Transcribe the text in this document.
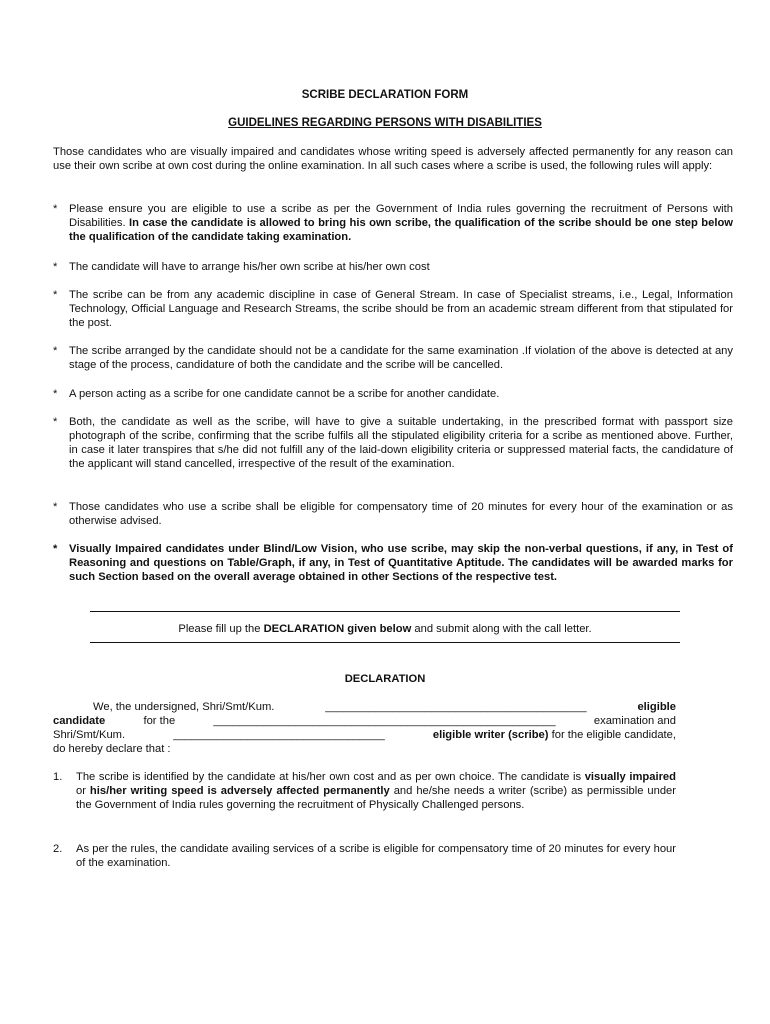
SCRIBE DECLARATION FORM
GUIDELINES REGARDING PERSONS WITH DISABILITIES
Those candidates who are visually impaired and candidates whose writing speed is adversely affected permanently for any reason can use their own scribe at own cost during the online examination. In all such cases where a scribe is used, the following rules will apply:
*	Please ensure you are eligible to use a scribe as per the Government of India rules governing the recruitment of Persons with Disabilities. In case the candidate is allowed to bring his own scribe, the qualification of the scribe should be one step below the qualification of the candidate taking examination.
*	The candidate will have to arrange his/her own scribe at his/her own cost
*	The scribe can be from any academic discipline in case of General Stream. In case of Specialist streams, i.e., Legal, Information Technology, Official Language and Research Streams, the scribe should be from an academic stream different from that stipulated for the post.
*	The scribe arranged by the candidate should not be a candidate for the same examination .If violation of the above is detected at any stage of the process, candidature of both the candidate and the scribe will be cancelled.
*	A person acting as a scribe for one candidate cannot be a scribe for another candidate.
*	Both, the candidate as well as the scribe, will have to give a suitable undertaking, in the prescribed format with passport size photograph of the scribe, confirming that the scribe fulfils all the stipulated eligibility criteria for a scribe as mentioned above. Further, in case it later transpires that s/he did not fulfill any of the laid-down eligibility criteria or suppressed material facts, the candidature of the applicant will stand cancelled, irrespective of the result of the examination.
*	Those candidates who use a scribe shall be eligible for compensatory time of 20 minutes for every hour of the examination or as otherwise advised.
*	Visually Impaired candidates under Blind/Low Vision, who use scribe, may skip the non-verbal questions, if any, in Test of Reasoning and questions on Table/Graph, if any, in Test of Quantitative Aptitude. The candidates will be awarded marks for such Section based on the overall average obtained in other Sections of the respective test.
Please fill up the DECLARATION given below and submit along with the call letter.
DECLARATION
We, the undersigned, Shri/Smt/Kum.	__________________________________________	eligible
candidate	for the	_______________________________________________________	examination and
Shri/Smt/Kum.	__________________________________	eligible writer (scribe) for the eligible candidate,
do hereby declare that :
1. The scribe is identified by the candidate at his/her own cost and as per own choice. The candidate is visually impaired or his/her writing speed is adversely affected permanently and he/she needs a writer (scribe) as permissible under the Government of India rules governing the recruitment of Physically Challenged persons.
2. As per the rules, the candidate availing services of a scribe is eligible for compensatory time of 20 minutes for every hour of the examination.
